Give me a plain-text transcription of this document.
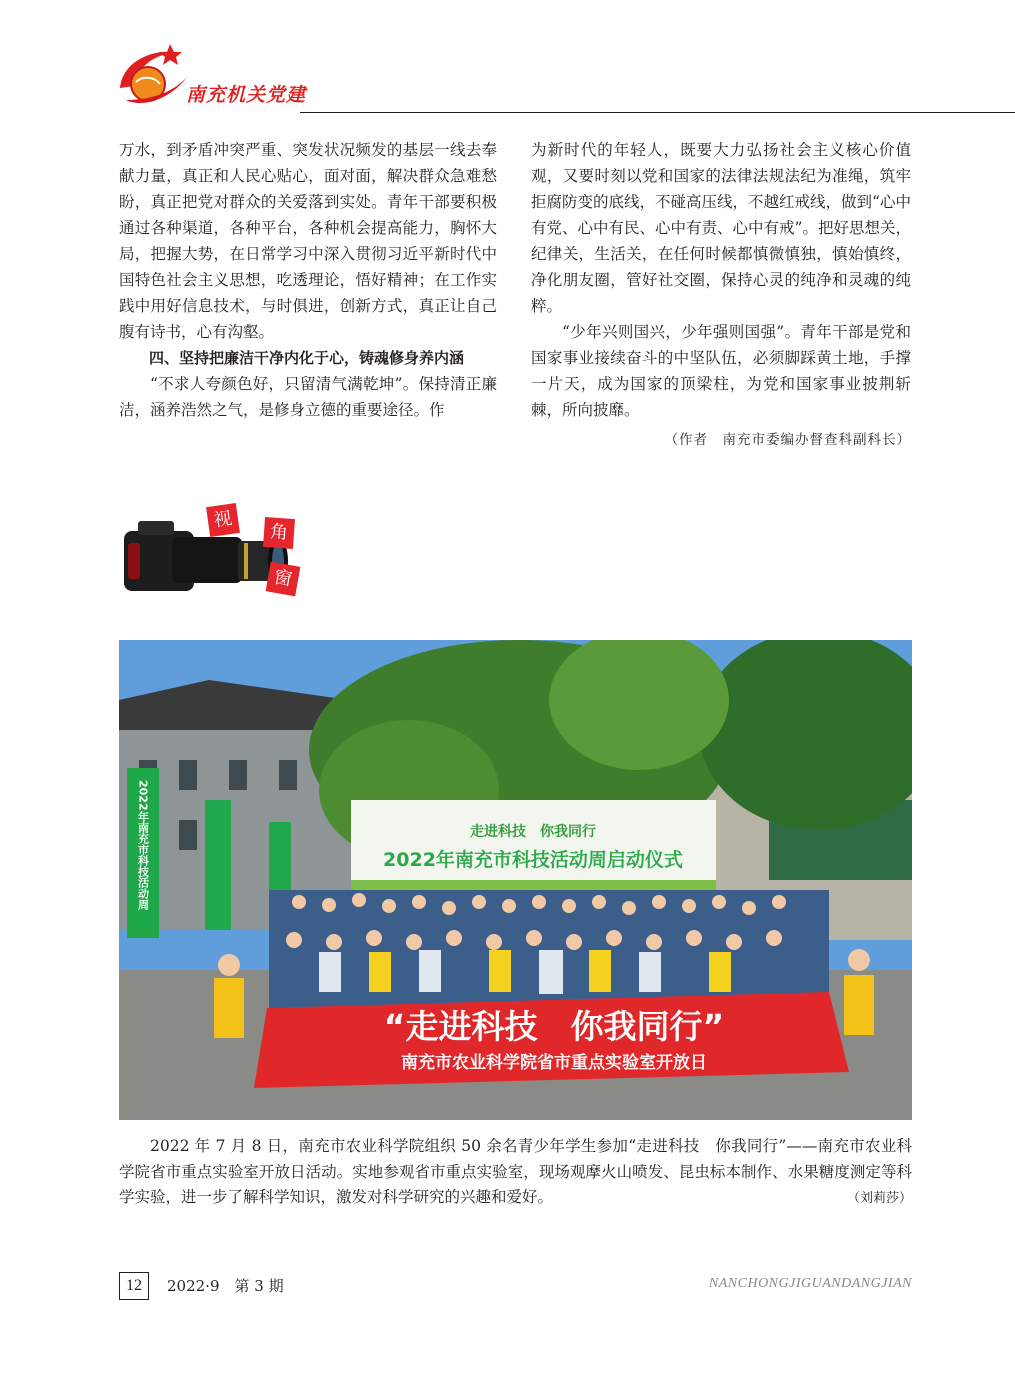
南充机关党建

万水，到矛盾冲突严重、突发状况频发的基层一线去奉献力量，真正和人民心贴心，面对面，解决群众急难愁盼，真正把党对群众的关爱落到实处。青年干部要积极通过各种渠道，各种平台，各种机会提高能力，胸怀大局，把握大势，在日常学习中深入贯彻习近平新时代中国特色社会主义思想，吃透理论，悟好精神；在工作实践中用好信息技术，与时俱进，创新方式，真正让自己腹有诗书，心有沟壑。

四、坚持把廉洁干净内化于心，铸魂修身养内涵

“不求人夸颜色好，只留清气满乾坤”。保持清正廉洁，涵养浩然之气，是修身立德的重要途径。作

为新时代的年轻人，既要大力弘扬社会主义核心价值观，又要时刻以党和国家的法律法规法纪为准绳，筑牢拒腐防变的底线，不碰高压线，不越红戒线，做到“心中有党、心中有民、心中有责、心中有戒”。把好思想关，纪律关，生活关，在任何时候都慎微慎独，慎始慎终，净化朋友圈，管好社交圈，保持心灵的纯净和灵魂的纯粹。

“少年兴则国兴，少年强则国强”。青年干部是党和国家事业接续奋斗的中坚队伍，必须脚踩黄土地，手撑一片天，成为国家的顶梁柱，为党和国家事业披荆斩棘，所向披靡。

（作者　南充市委编办督查科副科长）

视
角
窗
走进科技　你我同行
2022年南充市科技活动周启动仪式
2022年南充市科技活动周
“走进科技　你我同行”
南充市农业科学院省市重点实验室开放日

2022 年 7 月 8 日，南充市农业科学院组织 50 余名青少年学生参加“走进科技　你我同行”——南充市农业科学院省市重点实验室开放日活动。实地参观省市重点实验室，现场观摩火山喷发、昆虫标本制作、水果糖度测定等科学实验，进一步了解科学知识，激发对科学研究的兴趣和爱好。	（刘莉莎）

12	2022·9　第 3 期	NANCHONGJIGUANDANGJIAN
